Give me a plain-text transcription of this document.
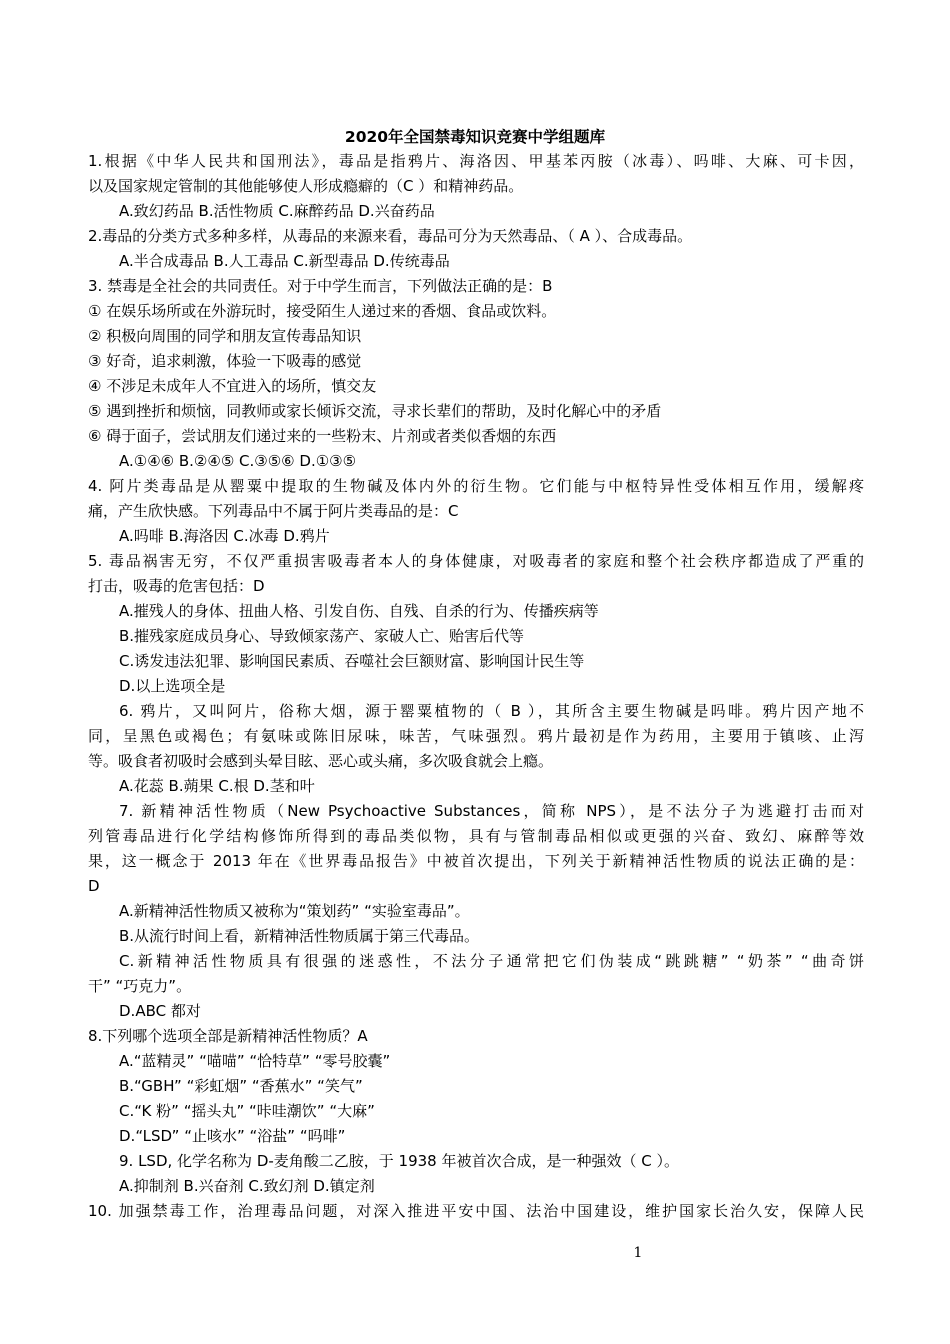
2020年全国禁毒知识竞赛中学组题库
1.根据《中华人民共和国刑法》，毒品是指鸦片、海洛因、甲基苯丙胺（冰毒）、吗啡、大麻、可卡因，
以及国家规定管制的其他能够使人形成瘾癖的（C ）和精神药品。
A.致幻药品 B.活性物质 C.麻醉药品 D.兴奋药品
2.毒品的分类方式多种多样，从毒品的来源来看，毒品可分为天然毒品、（ A ）、合成毒品。
A.半合成毒品 B.人工毒品 C.新型毒品 D.传统毒品
3. 禁毒是全社会的共同责任。对于中学生而言，下列做法正确的是：B
① 在娱乐场所或在外游玩时，接受陌生人递过来的香烟、食品或饮料。
② 积极向周围的同学和朋友宣传毒品知识
③ 好奇，追求刺激，体验一下吸毒的感觉
④ 不涉足未成年人不宜进入的场所，慎交友
⑤ 遇到挫折和烦恼，同教师或家长倾诉交流，寻求长辈们的帮助，及时化解心中的矛盾
⑥ 碍于面子，尝试朋友们递过来的一些粉末、片剂或者类似香烟的东西
A.①④⑥ B.②④⑤ C.③⑤⑥ D.①③⑤
4. 阿片类毒品是从罂粟中提取的生物碱及体内外的衍生物。它们能与中枢特异性受体相互作用，缓解疼
痛，产生欣快感。下列毒品中不属于阿片类毒品的是：C
A.吗啡 B.海洛因 C.冰毒 D.鸦片
5. 毒品祸害无穷，不仅严重损害吸毒者本人的身体健康，对吸毒者的家庭和整个社会秩序都造成了严重的
打击，吸毒的危害包括：D
A.摧残人的身体、扭曲人格、引发自伤、自残、自杀的行为、传播疾病等
B.摧残家庭成员身心、导致倾家荡产、家破人亡、贻害后代等
C.诱发违法犯罪、影响国民素质、吞噬社会巨额财富、影响国计民生等
D.以上选项全是
6. 鸦片，又叫阿片，俗称大烟，源于罂粟植物的（ B ），其所含主要生物碱是吗啡。鸦片因产地不
同，呈黑色或褐色；有氨味或陈旧尿味，味苦，气味强烈。鸦片最初是作为药用，主要用于镇咳、止泻
等。吸食者初吸时会感到头晕目眩、恶心或头痛，多次吸食就会上瘾。
A.花蕊 B.蒴果 C.根 D.茎和叶
7. 新精神活性物质（New Psychoactive Substances，简称 NPS），是不法分子为逃避打击而对
列管毒品进行化学结构修饰所得到的毒品类似物，具有与管制毒品相似或更强的兴奋、致幻、麻醉等效
果，这一概念于 2013 年在《世界毒品报告》中被首次提出，下列关于新精神活性物质的说法正确的是：
D
A.新精神活性物质又被称为“策划药” “实验室毒品”。
B.从流行时间上看，新精神活性物质属于第三代毒品。
C.新精神活性物质具有很强的迷惑性，不法分子通常把它们伪装成“跳跳糖” “奶茶” “曲奇饼
干” “巧克力”。
D.ABC 都对
8.下列哪个选项全部是新精神活性物质？A
A.“蓝精灵” “喵喵” “恰特草” “零号胶囊”
B.“GBH” “彩虹烟” “香蕉水” “笑气”
C.“K 粉” “摇头丸” “咔哇潮饮” “大麻”
D.“LSD” “止咳水” “浴盐” “吗啡”
9. LSD, 化学名称为 D-麦角酸二乙胺，于 1938 年被首次合成，是一种强效（ C ）。
A.抑制剂 B.兴奋剂 C.致幻剂 D.镇定剂
10. 加强禁毒工作，治理毒品问题，对深入推进平安中国、法治中国建设，维护国家长治久安，保障人民
1
